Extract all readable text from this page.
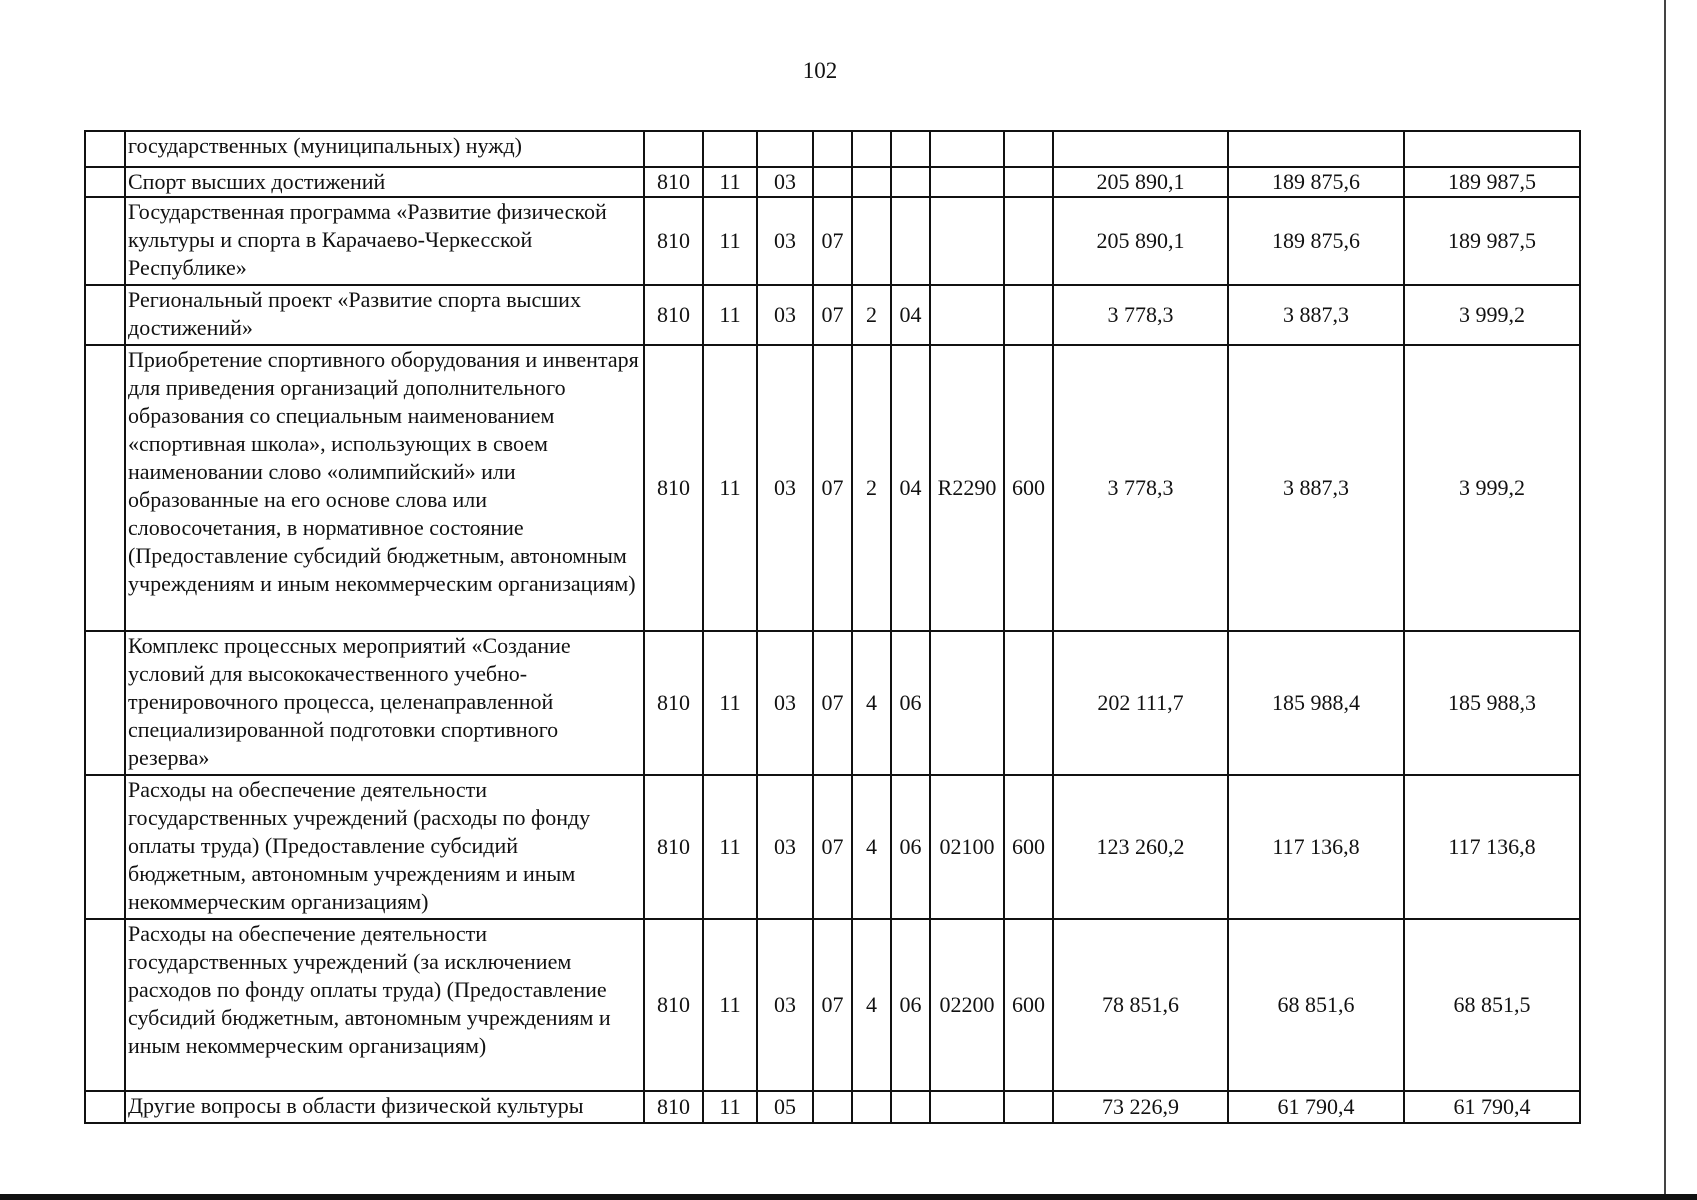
102
	государственных (муниципальных) нужд)											
	Спорт высших достижений	810	11	03						205 890,1	189 875,6	189 987,5
	Государственная программа «Развитие физической культуры и спорта в Карачаево-Черкесской Республике»	810	11	03	07					205 890,1	189 875,6	189 987,5
	Региональный проект «Развитие спорта высших достижений»	810	11	03	07	2	04			3 778,3	3 887,3	3 999,2
	Приобретение спортивного оборудования и инвентаря для приведения организаций дополнительного образования со специальным наименованием «спортивная школа», использующих в своем наименовании слово «олимпийский» или образованные на его основе слова или словосочетания, в нормативное состояние (Предоставление субсидий бюджетным, автономным учреждениям и иным некоммерческим организациям)	810	11	03	07	2	04	R2290	600	3 778,3	3 887,3	3 999,2
	Комплекс процессных мероприятий «Создание условий для высококачественного учебно-тренировочного процесса, целенаправленной специализированной подготовки спортивного резерва»	810	11	03	07	4	06			202 111,7	185 988,4	185 988,3
	Расходы на обеспечение деятельности государственных учреждений (расходы по фонду оплаты труда) (Предоставление субсидий бюджетным, автономным учреждениям и иным некоммерческим организациям)	810	11	03	07	4	06	02100	600	123 260,2	117 136,8	117 136,8
	Расходы на обеспечение деятельности государственных учреждений (за исключением расходов по фонду оплаты труда) (Предоставление субсидий бюджетным, автономным учреждениям и иным некоммерческим организациям)	810	11	03	07	4	06	02200	600	78 851,6	68 851,6	68 851,5
	Другие вопросы в области физической культуры	810	11	05						73 226,9	61 790,4	61 790,4
